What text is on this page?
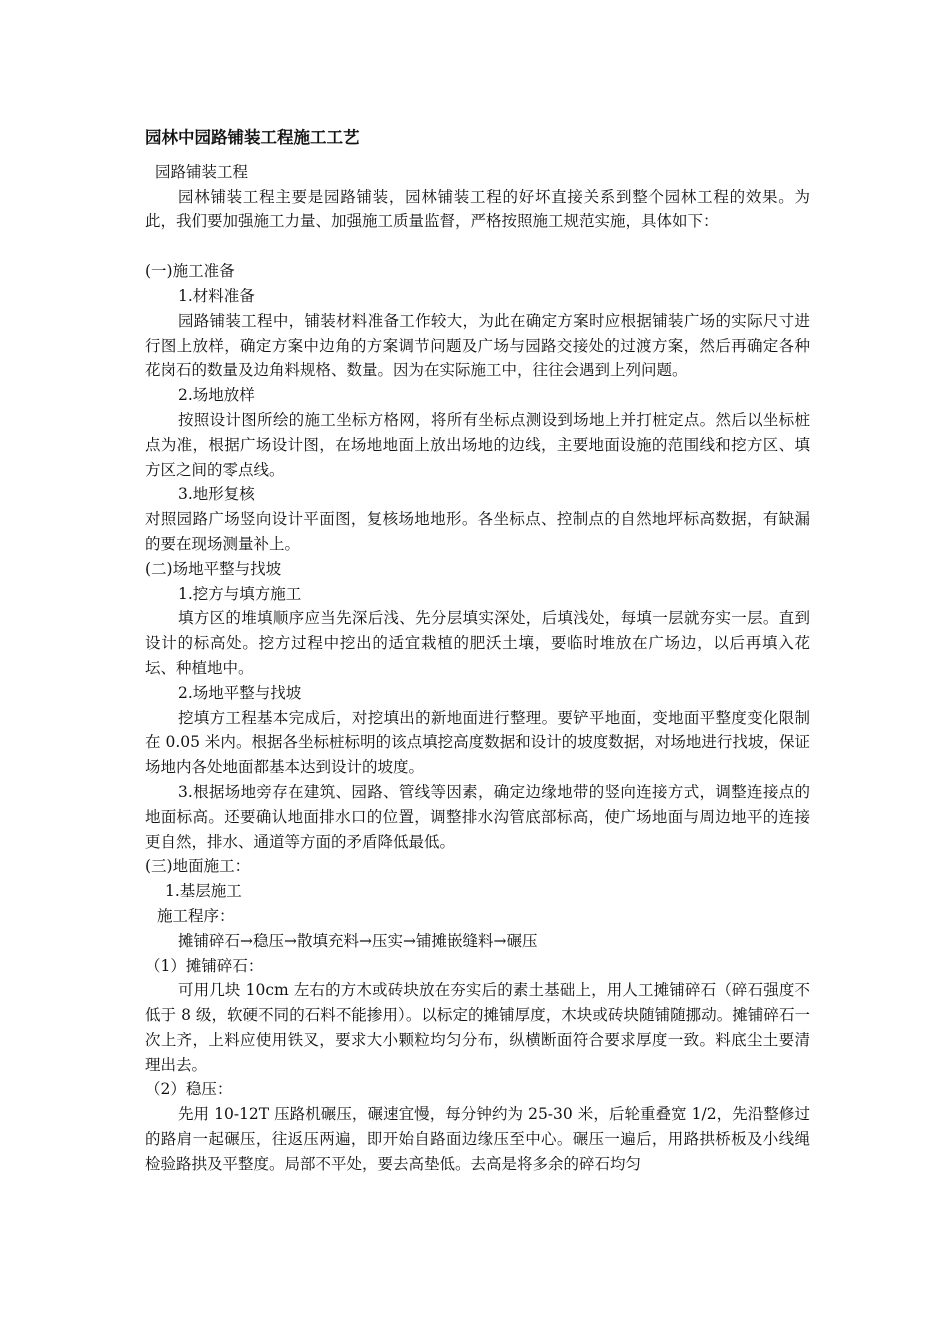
园林中园路铺装工程施工工艺

园路铺装工程

园林铺装工程主要是园路铺装，园林铺装工程的好坏直接关系到整个园林工程的效果。为此，我们要加强施工力量、加强施工质量监督，严格按照施工规范实施，具体如下：

(一)施工准备

1.材料准备

园路铺装工程中，铺装材料准备工作较大，为此在确定方案时应根据铺装广场的实际尺寸进行图上放样，确定方案中边角的方案调节问题及广场与园路交接处的过渡方案，然后再确定各种花岗石的数量及边角料规格、数量。因为在实际施工中，往往会遇到上列问题。

2.场地放样

按照设计图所绘的施工坐标方格网，将所有坐标点测设到场地上并打桩定点。然后以坐标桩点为准，根据广场设计图，在场地地面上放出场地的边线，主要地面设施的范围线和挖方区、填方区之间的零点线。

3.地形复核

对照园路广场竖向设计平面图，复核场地地形。各坐标点、控制点的自然地坪标高数据，有缺漏的要在现场测量补上。

(二)场地平整与找坡

1.挖方与填方施工

填方区的堆填顺序应当先深后浅、先分层填实深处，后填浅处，每填一层就夯实一层。直到设计的标高处。挖方过程中挖出的适宜栽植的肥沃土壤，要临时堆放在广场边，以后再填入花坛、种植地中。

2.场地平整与找坡

挖填方工程基本完成后，对挖填出的新地面进行整理。要铲平地面，变地面平整度变化限制在 0.05 米内。根据各坐标桩标明的该点填挖高度数据和设计的坡度数据，对场地进行找坡，保证场地内各处地面都基本达到设计的坡度。

3.根据场地旁存在建筑、园路、管线等因素，确定边缘地带的竖向连接方式，调整连接点的地面标高。还要确认地面排水口的位置，调整排水沟管底部标高，使广场地面与周边地平的连接更自然，排水、通道等方面的矛盾降低最低。

(三)地面施工：

1.基层施工

施工程序：

摊铺碎石→稳压→散填充料→压实→铺摊嵌缝料→碾压

（1）摊铺碎石：

可用几块 10cm 左右的方木或砖块放在夯实后的素土基础上，用人工摊铺碎石（碎石强度不低于 8 级，软硬不同的石料不能掺用）。以标定的摊铺厚度，木块或砖块随铺随挪动。摊铺碎石一次上齐，上料应使用铁叉，要求大小颗粒均匀分布，纵横断面符合要求厚度一致。料底尘土要清理出去。

（2）稳压：

先用 10-12T 压路机碾压，碾速宜慢，每分钟约为 25-30 米，后轮重叠宽 1/2，先沿整修过的路肩一起碾压，往返压两遍，即开始自路面边缘压至中心。碾压一遍后，用路拱桥板及小线绳检验路拱及平整度。局部不平处，要去高垫低。去高是将多余的碎石均匀
